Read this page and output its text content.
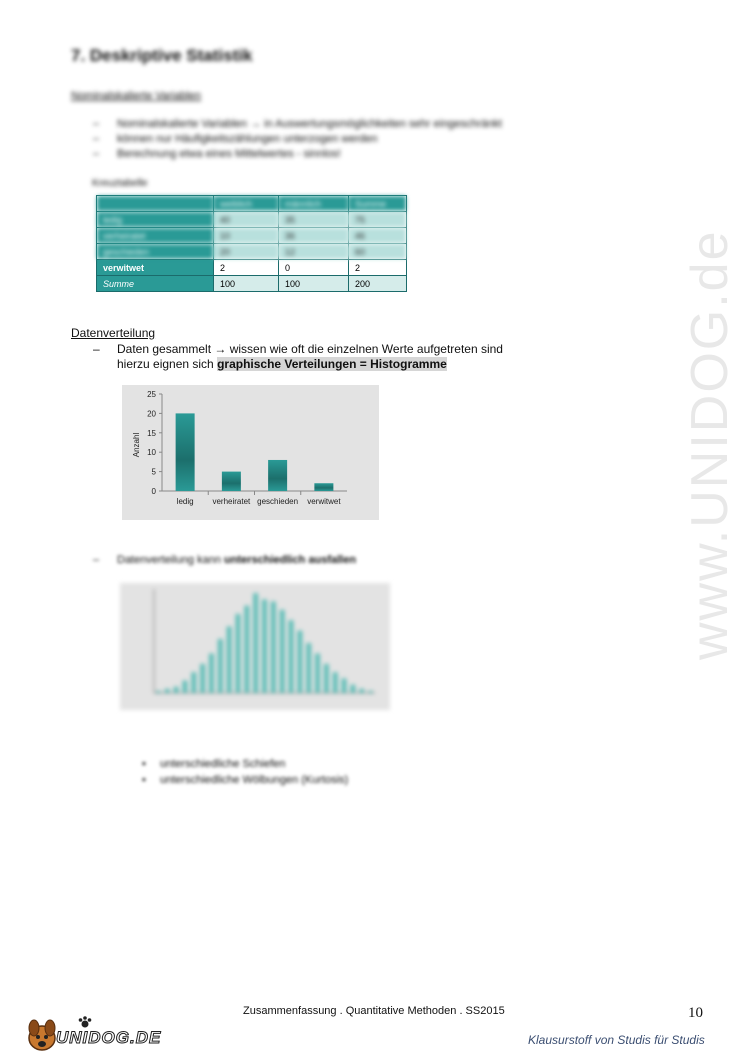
www.UNIDOG.de
7. Deskriptive Statistik
Nominalskalierte Variablen
– Nominalskalierte Variablen → in Auswertungsmöglichkeiten sehr eingeschränkt
– können nur Häufigkeitszählungen unterzogen werden
– Berechnung etwa eines Mittelwertes - sinnlos!
Kreuztabelle
	weiblich	männlich	Summe
ledig	40	35	75
verheiratet	10	36	46
geschieden	20	12	60
verwitwet	2	0	2
Summe	100	100	200
Datenverteilung
– Daten gesammelt → wissen wie oft die einzelnen Werte aufgetreten sind
hierzu eignen sich graphische Verteilungen = Histogramme
0
5
10
15
20
25
Anzahl
ledig verheiratet geschieden verwitwet
– Datenverteilung kann unterschiedlich ausfallen
▪ unterschiedliche Schiefen
▪ unterschiedliche Wölbungen (Kurtosis)
Zusammenfassung . Quantitative Methoden . SS2015	10
UNIDOG.DE	Klausurstoff von Studis für Studis
